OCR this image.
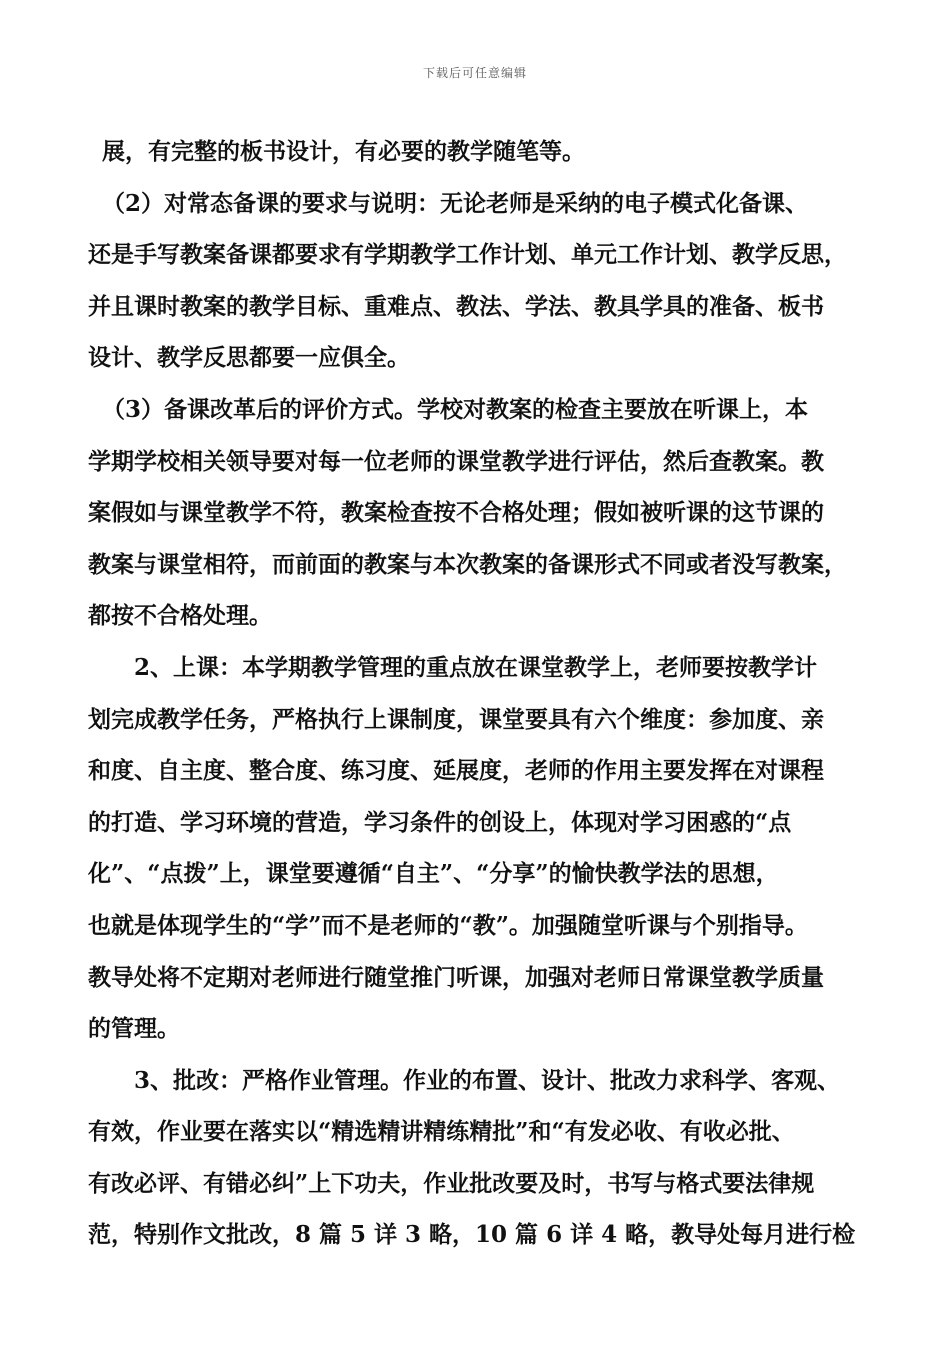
下载后可任意编辑
展，有完整的板书设计，有必要的教学随笔等。
（2）对常态备课的要求与说明：无论老师是采纳的电子模式化备课、
还是手写教案备课都要求有学期教学工作计划、单元工作计划、教学反思，
并且课时教案的教学目标、重难点、教法、学法、教具学具的准备、板书
设计、教学反思都要一应俱全。
（3）备课改革后的评价方式。学校对教案的检查主要放在听课上，本
学期学校相关领导要对每一位老师的课堂教学进行评估，然后查教案。教
案假如与课堂教学不符，教案检查按不合格处理；假如被听课的这节课的
教案与课堂相符，而前面的教案与本次教案的备课形式不同或者没写教案，
都按不合格处理。
2、上课：本学期教学管理的重点放在课堂教学上，老师要按教学计
划完成教学任务，严格执行上课制度，课堂要具有六个维度：参加度、亲
和度、自主度、整合度、练习度、延展度，老师的作用主要发挥在对课程
的打造、学习环境的营造，学习条件的创设上，体现对学习困惑的“点
化”、“点拨”上，课堂要遵循“自主”、“分享”的愉快教学法的思想，
也就是体现学生的“学”而不是老师的“教”。加强随堂听课与个别指导。
教导处将不定期对老师进行随堂推门听课，加强对老师日常课堂教学质量
的管理。
3、批改：严格作业管理。作业的布置、设计、批改力求科学、客观、
有效，作业要在落实以“精选精讲精练精批”和“有发必收、有收必批、
有改必评、有错必纠”上下功夫，作业批改要及时，书写与格式要法律规
范，特别作文批改，8 篇 5 详 3 略，10 篇 6 详 4 略，教导处每月进行检
